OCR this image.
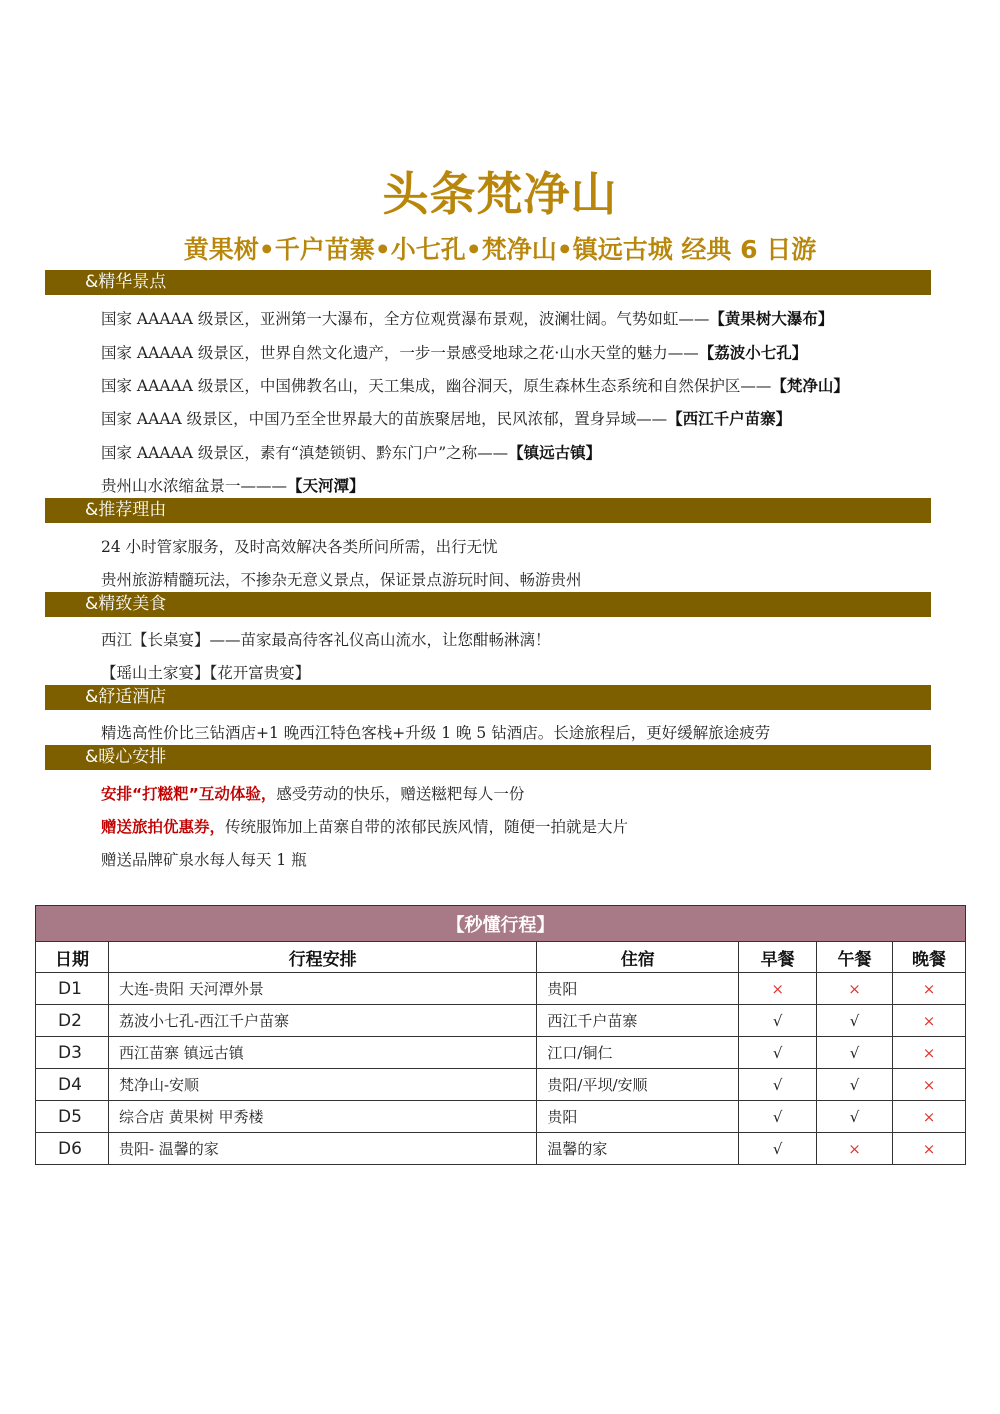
头条梵净山
黄果树•千户苗寨•小七孔•梵净山•镇远古城 经典 6 日游
&精华景点
国家 AAAAA 级景区，亚洲第一大瀑布，全方位观赏瀑布景观，波澜壮阔。气势如虹——【黄果树大瀑布】
国家 AAAAA 级景区，世界自然文化遗产，一步一景感受地球之花·山水天堂的魅力——【荔波小七孔】
国家 AAAAA 级景区，中国佛教名山，天工集成，幽谷洞天，原生森林生态系统和自然保护区——【梵净山】
国家 AAAA 级景区，中国乃至全世界最大的苗族聚居地，民风浓郁，置身异域——【西江千户苗寨】
国家 AAAAA 级景区，素有“滇楚锁钥、黔东门户”之称——【镇远古镇】
贵州山水浓缩盆景一———【天河潭】
&推荐理由
24 小时管家服务，及时高效解决各类所问所需，出行无忧
贵州旅游精髓玩法，不掺杂无意义景点，保证景点游玩时间、畅游贵州
&精致美食
西江【长桌宴】——苗家最高待客礼仪高山流水，让您酣畅淋漓！
【瑶山土家宴】【花开富贵宴】
&舒适酒店
精选高性价比三钻酒店+1 晚西江特色客栈+升级 1 晚 5 钻酒店。长途旅程后，更好缓解旅途疲劳
&暖心安排
安排“打糍粑”互动体验，感受劳动的快乐，赠送糍粑每人一份
赠送旅拍优惠券，传统服饰加上苗寨自带的浓郁民族风情，随便一拍就是大片
赠送品牌矿泉水每人每天 1 瓶
【秒懂行程】					
日期	行程安排	住宿	早餐	午餐	晚餐
D1	大连-贵阳 天河潭外景	贵阳	×	×	×
D2	荔波小七孔-西江千户苗寨	西江千户苗寨	√	√	×
D3	西江苗寨 镇远古镇	江口/铜仁	√	√	×
D4	梵净山-安顺	贵阳/平坝/安顺	√	√	×
D5	综合店 黄果树 甲秀楼	贵阳	√	√	×
D6	贵阳- 温馨的家	温馨的家	√	×	×
